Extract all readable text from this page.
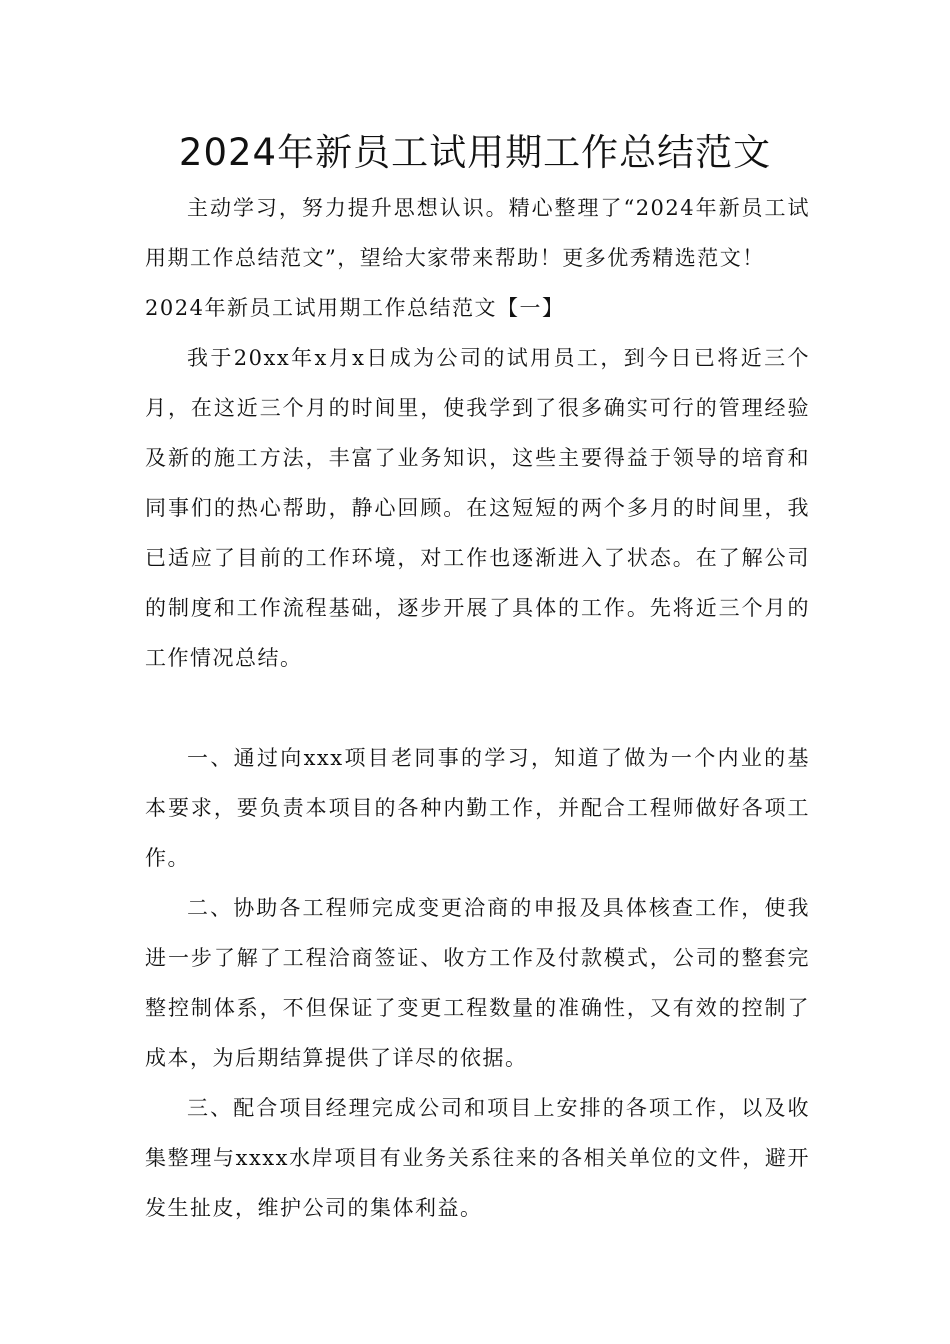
2024年新员工试用期工作总结范文

主动学习，努力提升思想认识。精心整理了“2024年新员工试用期工作总结范文”，望给大家带来帮助！更多优秀精选范文！

2024年新员工试用期工作总结范文【一】

我于20xx年x月x日成为公司的试用员工，到今日已将近三个月，在这近三个月的时间里，使我学到了很多确实可行的管理经验及新的施工方法，丰富了业务知识，这些主要得益于领导的培育和同事们的热心帮助，静心回顾。在这短短的两个多月的时间里，我已适应了目前的工作环境，对工作也逐渐进入了状态。在了解公司的制度和工作流程基础，逐步开展了具体的工作。先将近三个月的工作情况总结。

一、通过向xxx项目老同事的学习，知道了做为一个内业的基本要求，要负责本项目的各种内勤工作，并配合工程师做好各项工作。

二、协助各工程师完成变更洽商的申报及具体核查工作，使我进一步了解了工程洽商签证、收方工作及付款模式，公司的整套完整控制体系，不但保证了变更工程数量的准确性，又有效的控制了成本，为后期结算提供了详尽的依据。

三、配合项目经理完成公司和项目上安排的各项工作，以及收集整理与xxxx水岸项目有业务关系往来的各相关单位的文件，避开发生扯皮，维护公司的集体利益。
